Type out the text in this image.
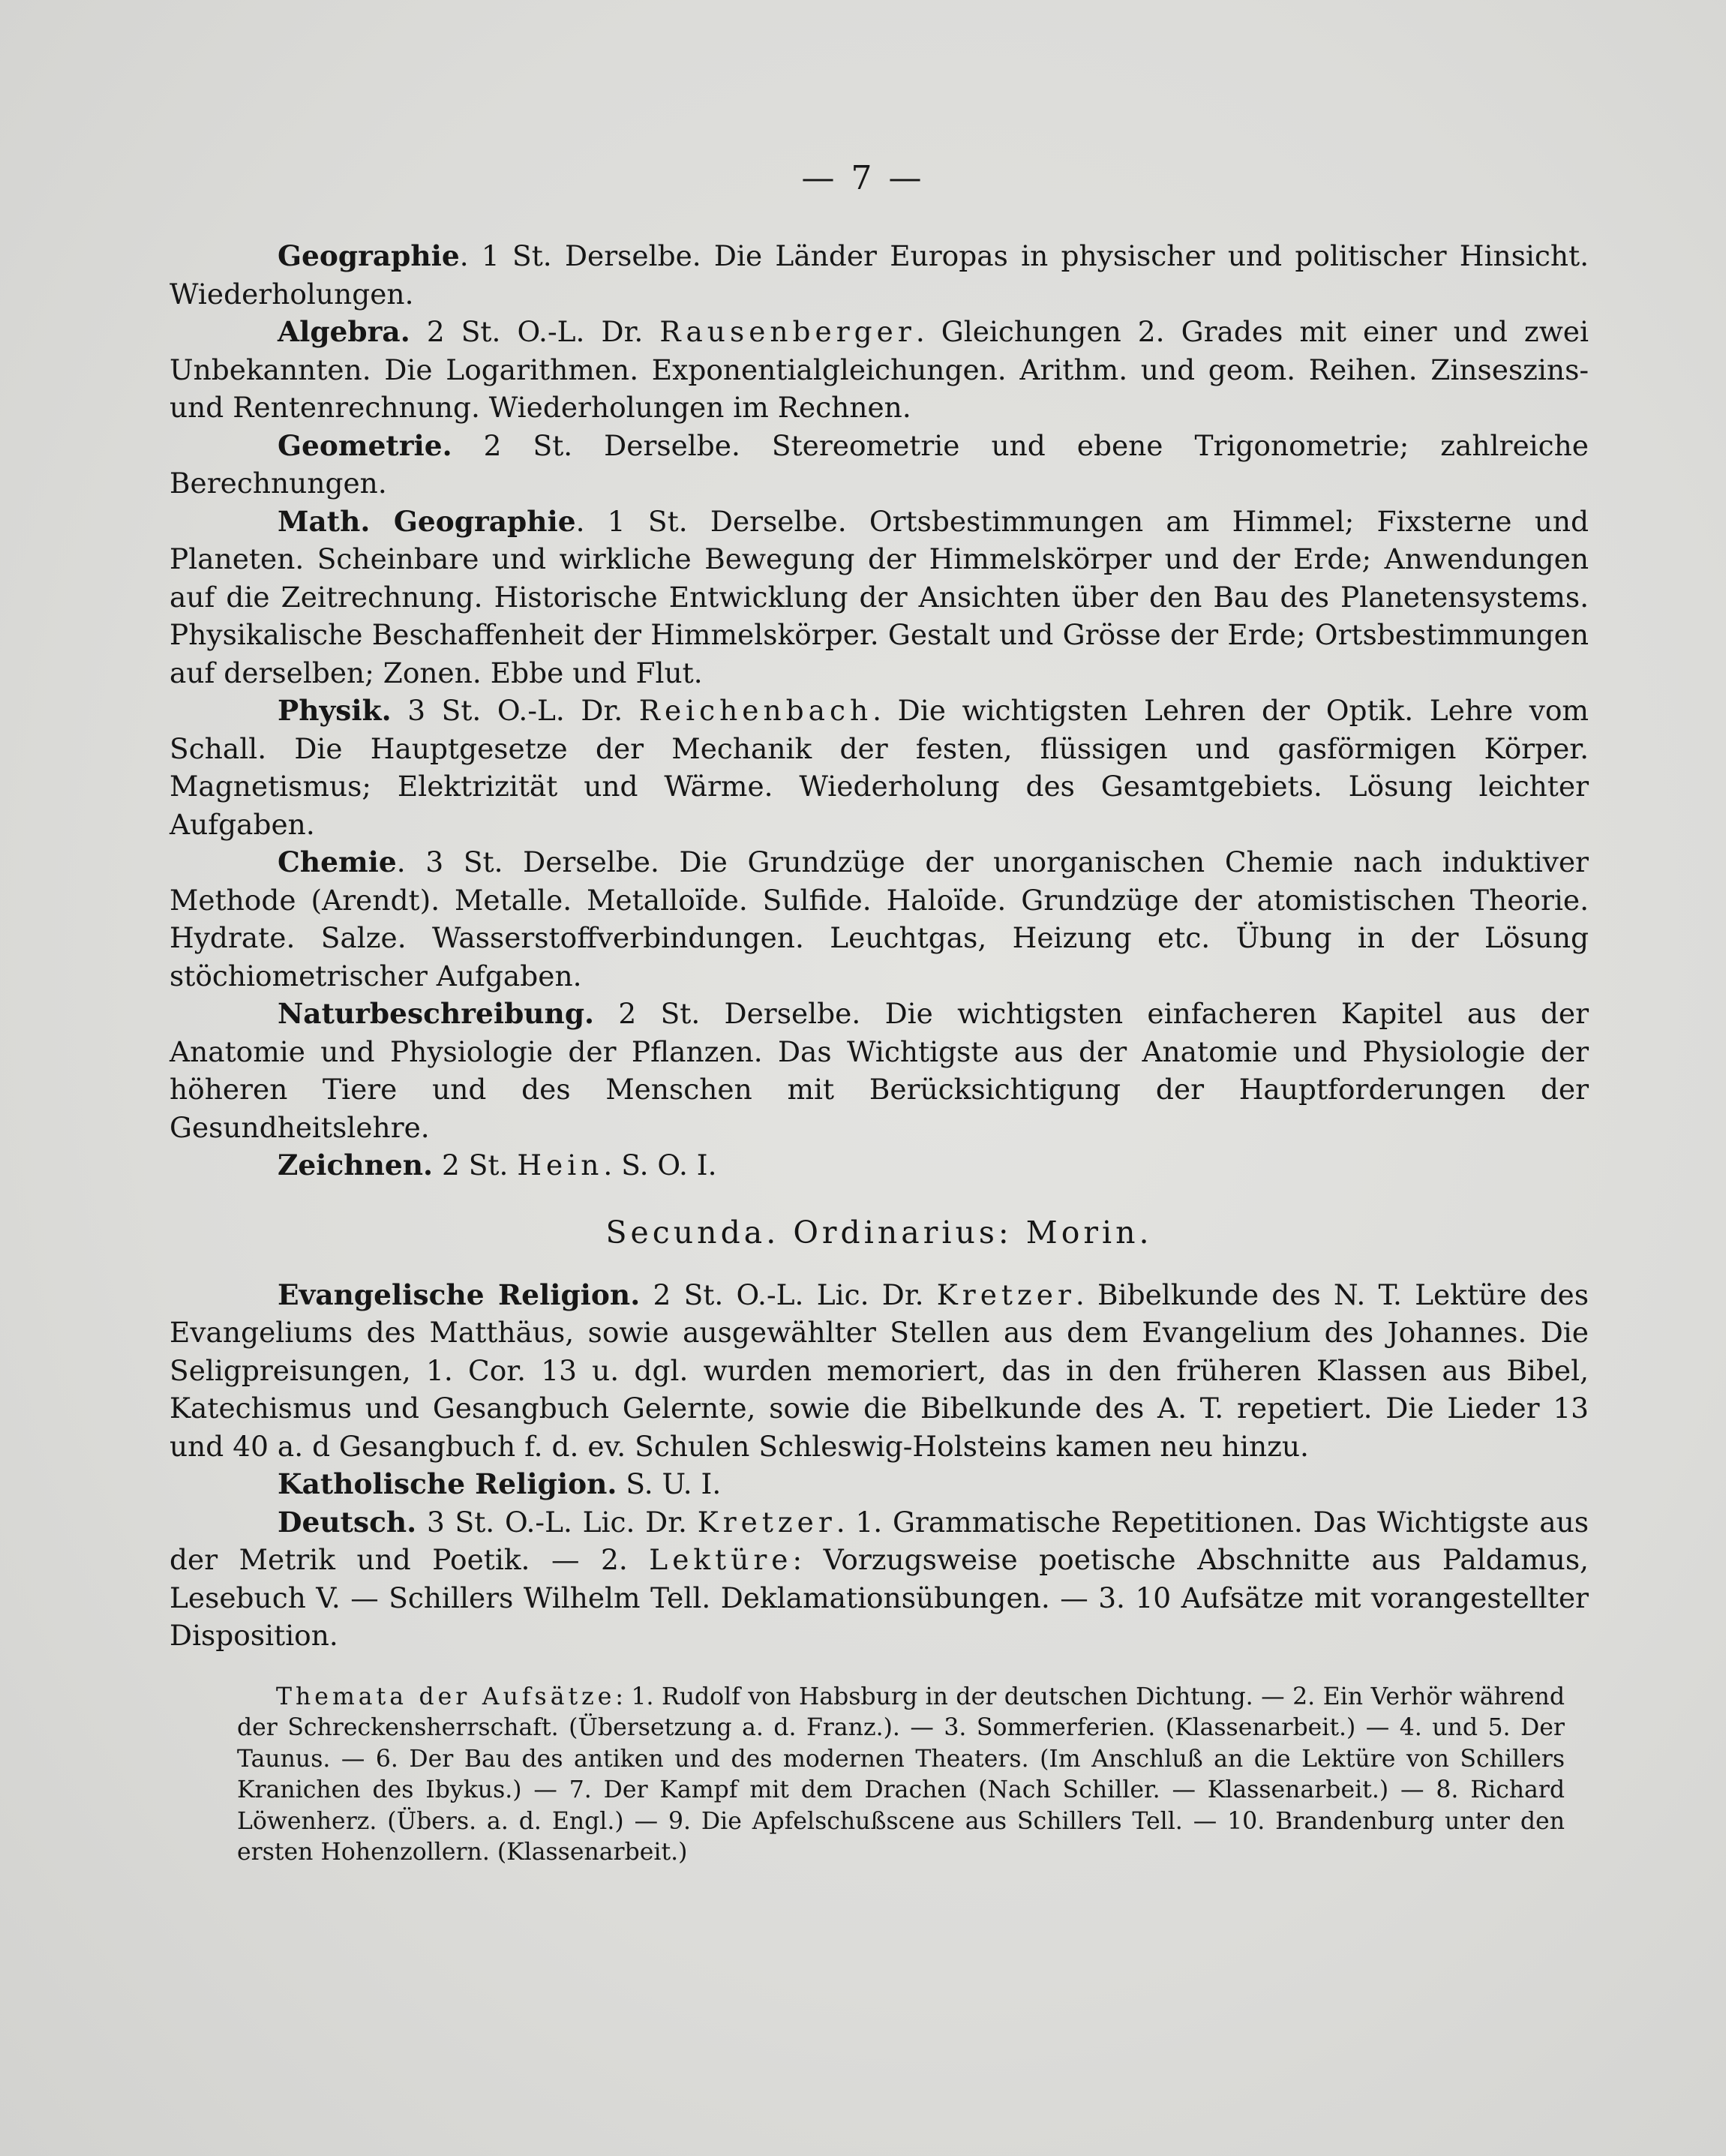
— 7 —

Geographie. 1 St. Derselbe. Die Länder Europas in physischer und politischer Hinsicht. Wiederholungen.

Algebra. 2 St. O.-L. Dr. Rausenberger. Gleichungen 2. Grades mit einer und zwei Unbekannten. Die Logarithmen. Exponentialgleichungen. Arithm. und geom. Reihen. Zinseszins- und Rentenrechnung. Wiederholungen im Rechnen.

Geometrie. 2 St. Derselbe. Stereometrie und ebene Trigonometrie; zahlreiche Berechnungen.

Math. Geographie. 1 St. Derselbe. Ortsbestimmungen am Himmel; Fixsterne und Planeten. Scheinbare und wirkliche Bewegung der Himmelskörper und der Erde; Anwendungen auf die Zeitrechnung. Historische Entwicklung der Ansichten über den Bau des Planetensystems. Physikalische Beschaffenheit der Himmelskörper. Gestalt und Grösse der Erde; Ortsbestimmungen auf derselben; Zonen. Ebbe und Flut.

Physik. 3 St. O.-L. Dr. Reichenbach. Die wichtigsten Lehren der Optik. Lehre vom Schall. Die Hauptgesetze der Mechanik der festen, flüssigen und gasförmigen Körper. Magnetismus; Elektrizität und Wärme. Wiederholung des Gesamtgebiets. Lösung leichter Aufgaben.

Chemie. 3 St. Derselbe. Die Grundzüge der unorganischen Chemie nach induktiver Methode (Arendt). Metalle. Metalloïde. Sulfide. Haloïde. Grundzüge der atomistischen Theorie. Hydrate. Salze. Wasserstoffverbindungen. Leuchtgas, Heizung etc. Übung in der Lösung stöchiometrischer Aufgaben.

Naturbeschreibung. 2 St. Derselbe. Die wichtigsten einfacheren Kapitel aus der Anatomie und Physiologie der Pflanzen. Das Wichtigste aus der Anatomie und Physiologie der höheren Tiere und des Menschen mit Berücksichtigung der Hauptforderungen der Gesundheitslehre.

Zeichnen. 2 St. Hein. S. O. I.

Secunda. Ordinarius: Morin.

Evangelische Religion. 2 St. O.-L. Lic. Dr. Kretzer. Bibelkunde des N. T. Lektüre des Evangeliums des Matthäus, sowie ausgewählter Stellen aus dem Evangelium des Johannes. Die Seligpreisungen, 1. Cor. 13 u. dgl. wurden memoriert, das in den früheren Klassen aus Bibel, Katechismus und Gesangbuch Gelernte, sowie die Bibelkunde des A. T. repetiert. Die Lieder 13 und 40 a. d Gesangbuch f. d. ev. Schulen Schleswig-Holsteins kamen neu hinzu.

Katholische Religion. S. U. I.

Deutsch. 3 St. O.-L. Lic. Dr. Kretzer. 1. Grammatische Repetitionen. Das Wichtigste aus der Metrik und Poetik. — 2. Lektüre: Vorzugsweise poetische Abschnitte aus Paldamus, Lesebuch V. — Schillers Wilhelm Tell. Deklamationsübungen. — 3. 10 Aufsätze mit vorangestellter Disposition.

Themata der Aufsätze: 1. Rudolf von Habsburg in der deutschen Dichtung. — 2. Ein Verhör während der Schreckensherrschaft. (Übersetzung a. d. Franz.). — 3. Sommerferien. (Klassenarbeit.) — 4. und 5. Der Taunus. — 6. Der Bau des antiken und des modernen Theaters. (Im Anschluß an die Lektüre von Schillers Kranichen des Ibykus.) — 7. Der Kampf mit dem Drachen (Nach Schiller. — Klassenarbeit.) — 8. Richard Löwenherz. (Übers. a. d. Engl.) — 9. Die Apfelschußscene aus Schillers Tell. — 10. Brandenburg unter den ersten Hohenzollern. (Klassenarbeit.)
